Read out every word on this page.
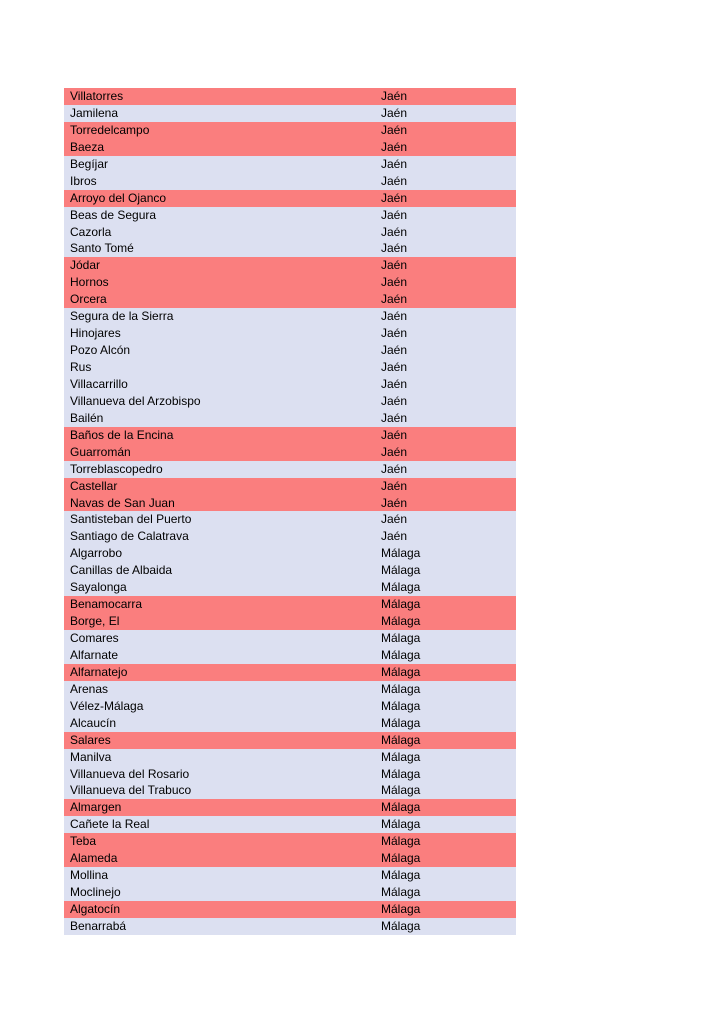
Villatorres	Jaén
Jamilena	Jaén
Torredelcampo	Jaén
Baeza	Jaén
Begíjar	Jaén
Ibros	Jaén
Arroyo del Ojanco	Jaén
Beas de Segura	Jaén
Cazorla	Jaén
Santo Tomé	Jaén
Jódar	Jaén
Hornos	Jaén
Orcera	Jaén
Segura de la Sierra	Jaén
Hinojares	Jaén
Pozo Alcón	Jaén
Rus	Jaén
Villacarrillo	Jaén
Villanueva del Arzobispo	Jaén
Bailén	Jaén
Baños de la Encina	Jaén
Guarromán	Jaén
Torreblascopedro	Jaén
Castellar	Jaén
Navas de San Juan	Jaén
Santisteban del Puerto	Jaén
Santiago de Calatrava	Jaén
Algarrobo	Málaga
Canillas de Albaida	Málaga
Sayalonga	Málaga
Benamocarra	Málaga
Borge, El	Málaga
Comares	Málaga
Alfarnate	Málaga
Alfarnatejo	Málaga
Arenas	Málaga
Vélez-Málaga	Málaga
Alcaucín	Málaga
Salares	Málaga
Manilva	Málaga
Villanueva del Rosario	Málaga
Villanueva del Trabuco	Málaga
Almargen	Málaga
Cañete la Real	Málaga
Teba	Málaga
Alameda	Málaga
Mollina	Málaga
Moclinejo	Málaga
Algatocín	Málaga
Benarrabá	Málaga
